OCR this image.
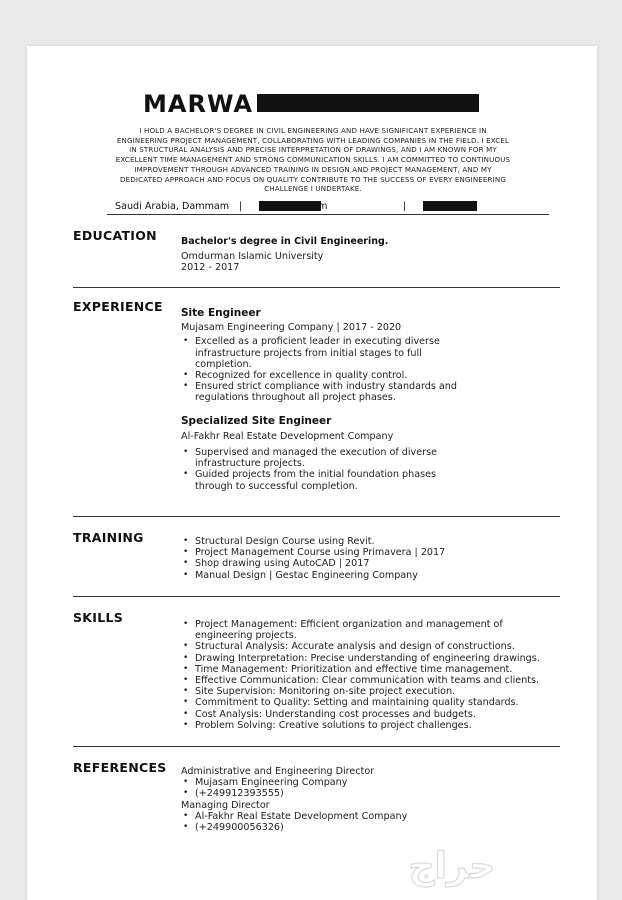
MARWA
I HOLD A BACHELOR'S DEGREE IN CIVIL ENGINEERING AND HAVE SIGNIFICANT EXPERIENCE IN ENGINEERING PROJECT MANAGEMENT, COLLABORATING WITH LEADING COMPANIES IN THE FIELD. I EXCEL IN STRUCTURAL ANALYSIS AND PRECISE INTERPRETATION OF DRAWINGS, AND I AM KNOWN FOR MY EXCELLENT TIME MANAGEMENT AND STRONG COMMUNICATION SKILLS. I AM COMMITTED TO CONTINUOUS IMPROVEMENT THROUGH ADVANCED TRAINING IN DESIGN AND PROJECT MANAGEMENT, AND MY DEDICATED APPROACH AND FOCUS ON QUALITY CONTRIBUTE TO THE SUCCESS OF EVERY ENGINEERING CHALLENGE I UNDERTAKE.
Saudi Arabia, Dammam | hi@gmail.com	|
EDUCATION	Bachelor's degree in Civil Engineering.
Omdurman Islamic University
2012 - 2017
EXPERIENCE Site Engineer
Mujasam Engineering Company | 2017 - 2020
• Excelled as a proficient leader in executing diverse infrastructure projects from initial stages to full completion.
• Recognized for excellence in quality control.
• Ensured strict compliance with industry standards and regulations throughout all project phases.
Specialized Site Engineer
Al-Fakhr Real Estate Development Company
• Supervised and managed the execution of diverse infrastructure projects.
• Guided projects from the initial foundation phases through to successful completion.
TRAINING	• Structural Design Course using Revit.
• Project Management Course using Primavera | 2017
• Shop drawing using AutoCAD | 2017
• Manual Design | Gestac Engineering Company
SKILLS	• Project Management: Efficient organization and management of engineering projects.
• Structural Analysis: Accurate analysis and design of constructions.
• Drawing Interpretation: Precise understanding of engineering drawings.
• Time Management: Prioritization and effective time management.
• Effective Communication: Clear communication with teams and clients.
• Site Supervision: Monitoring on-site project execution.
• Commitment to Quality: Setting and maintaining quality standards.
• Cost Analysis: Understanding cost processes and budgets.
• Problem Solving: Creative solutions to project challenges.
REFERENCES Administrative and Engineering Director
• Mujasam Engineering Company
• (+249912393555)
Managing Director
• Al-Fakhr Real Estate Development Company
• (+249900056326)
حراج
